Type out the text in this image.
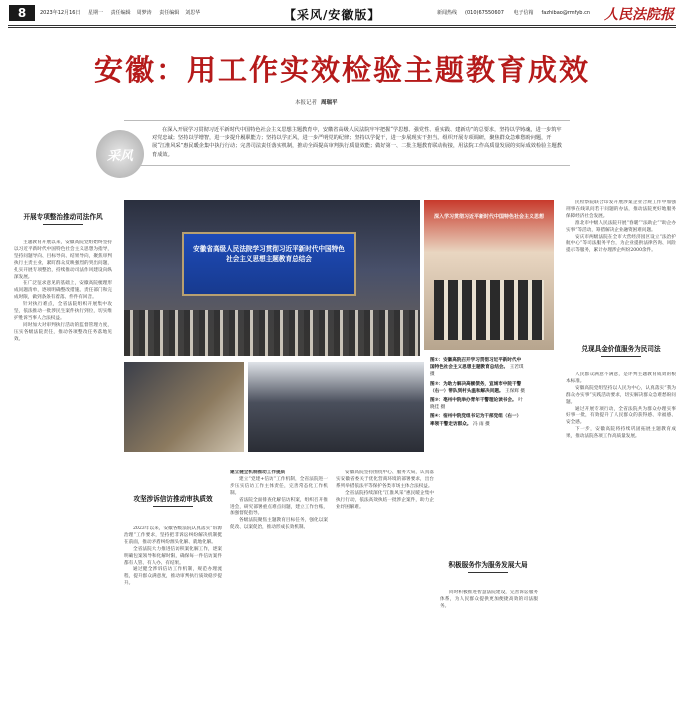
8	2023年12月16日 星期一 责任编辑 周梦涛 责任编辑 刘思华	【采风/安徽版】	新闻热线 (010)67550607 电子信箱 fazhibao@rmfyb.cn	人民法院报
安徽：用工作实效检验主题教育成效
本报记者 周瑞平
采风
在深入开展学习贯彻习近平新时代中国特色社会主义思想主题教育中，安徽省高级人民法院牢牢把握“学思想、强党性、重实践、建新功”的总要求，坚持以学铸魂，进一步筑牢对党忠诚；坚持以学增智，进一步提升履职能力；坚持以学正风，进一步严明党的纪律；坚持以学促干，进一步展现实干担当。组织开展专项调研，聚焦群众急难愁盼问题，开展“江淮风采”惠民暖企集中执行行动；完善司法责任落实机制，推动全面提高审判执行质量效能；做好第一、二批主题教育联动衔接，用法院工作高质量发展的实际成效检验主题教育成效。
开展专项整治推动司法作风

主题教育开展以来，安徽高院党组始终坚持以习近平新时代中国特色社会主义思想为指导，坚持问题导向、目标导向、结果导向，聚焦审判执行主责主业，紧盯群众反映强烈的突出问题，扎实开展专项整治，持续推动司法作风建设向纵深发展。

在广泛征求意见的基础上，安徽高院梳理形成问题清单，逐项明确整改措施、责任部门和完成时限，做到条条有着落、件件有回音。

针对执行难点，全省法院组织开展集中攻坚，依法推动一批涉民生案件执行到位，切实维护胜诉当事人合法权益。

同时加大对审判执行活动的监督管理力度，压实各级法院责任，推动各项整改任务落地见效。

安徽省高级人民法院学习贯彻习近平新时代中国特色社会主义思想主题教育总结会
深入学习贯彻习近平新时代中国特色社会主义思想

图①：安徽高院召开学习贯彻习近平新时代中国特色社会主义思想主题教育总结会。 王若琪 摄

图②：为助力解决高额债务，宣城市中院干警（右一）带队到村头温和解决问题。 王保辉 摄

图③：亳州中院举办青年干警理论读书会。 叶晓佳 摄

图④：宿州中院党组书记为干部党组（右一）率领干警走访群众。 冯 雨 摄

民检察院联合印发开展涉案企业合规工作中加强刑事在线讯问若干问题的办法，推动法院更好地服务保障经济社会发展。

淮北市中级人民法院开展“春暖”“法助企”“助企办实事”等活动，筹措解决企业融资困难问题。

安庆市两级法院在全市大营经济园区设立“法治护航中心”等司法服务平台，为企业提供法律咨询、风险提示等服务，累计办理涉企纠纷2000余件。

兑现具金价值服务为民司法

人民群众满意不满意，是评判主题教育成效的根本标准。

安徽高院党组坚持以人民为中心，认真落实“我为群众办实事”实践活动要求，切实解决群众急难愁盼问题。

通过开展专项行动，全省法院共为群众办理实事好事一批，有效提升了人民群众的获得感、幸福感、安全感。

下一步，安徽高院将持续巩固拓展主题教育成果，推动法院各项工作高质量发展。

攻坚涉诉信访推动审执质效

2023年以来，安徽各级法院认真落实“诉源治理”工作要求，坚持把非诉讼纠纷解决机制挺在前面，推动矛盾纠纷源头化解、就地化解。

全省法院大力推进信访积案化解工作，逐案明确包案领导和化解时限，确保每一件信访案件都有人管、有人办、有结果。

通过健全涉诉信访工作机制，规范办理流程，提升群众满意度，推动审判执行质效稳步提升。

建立健全机制推动工作提质

建立“党建+信访”工作机制，全省法院进一步压实信访工作主体责任，完善常态化工作机制。

省法院全面排查化解信访积案，组织召开推进会，研究部署重点难点问题，建立工作台账，加强督促指导。

各级法院聚焦主题教育目标任务，强化以案促改、以案促治，推动形成长效机制。

积极服务作为服务发展大局

安徽高院坚持围绕中心、服务大局，认真落实安徽省委关于优化营商环境的部署要求，出台系列举措依法平等保护各类市场主体合法权益。

全省法院持续深化“江淮风采”惠民暖企集中执行行动，依法高效执结一批涉企案件，助力企业纾困解难。

同时积极推进智慧法院建设，完善诉讼服务体系，为人民群众提供更加便捷高效的司法服务。
